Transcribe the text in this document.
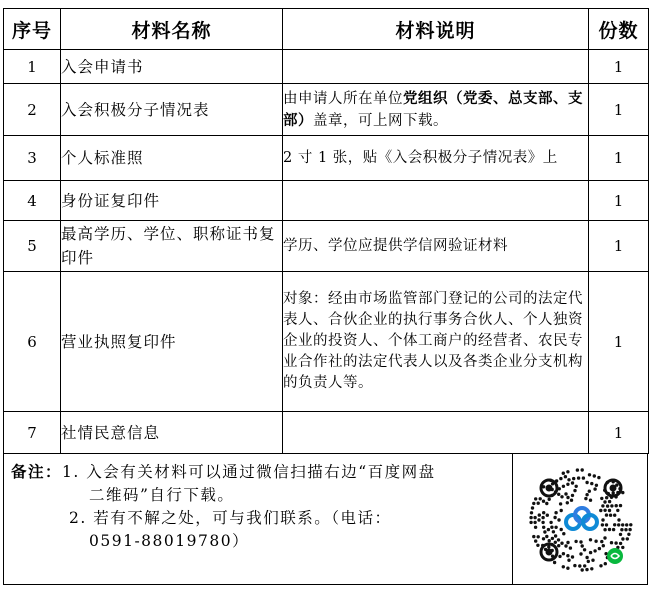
序号	材料名称	材料说明	份数
1	入会申请书		1
2	入会积极分子情况表	由申请人所在单位党组织（党委、总支部、支部）盖章，可上网下载。	1
3	个人标准照	2 寸 1 张，贴《入会积极分子情况表》上	1
4	身份证复印件		1
5	最高学历、学位、职称证书复印件	学历、学位应提供学信网验证材料	1
6	营业执照复印件	对象：经由市场监管部门登记的公司的法定代表人、合伙企业的执行事务合伙人、个人独资企业的投资人、个体工商户的经营者、农民专业合作社的法定代表人以及各类企业分支机构的负责人等。	1
7	社情民意信息		1
备注：1. 入会有关材料可以通过微信扫描右边“百度网盘
二维码”自行下载。
2. 若有不解之处，可与我们联系。（电话：
0591-88019780）
